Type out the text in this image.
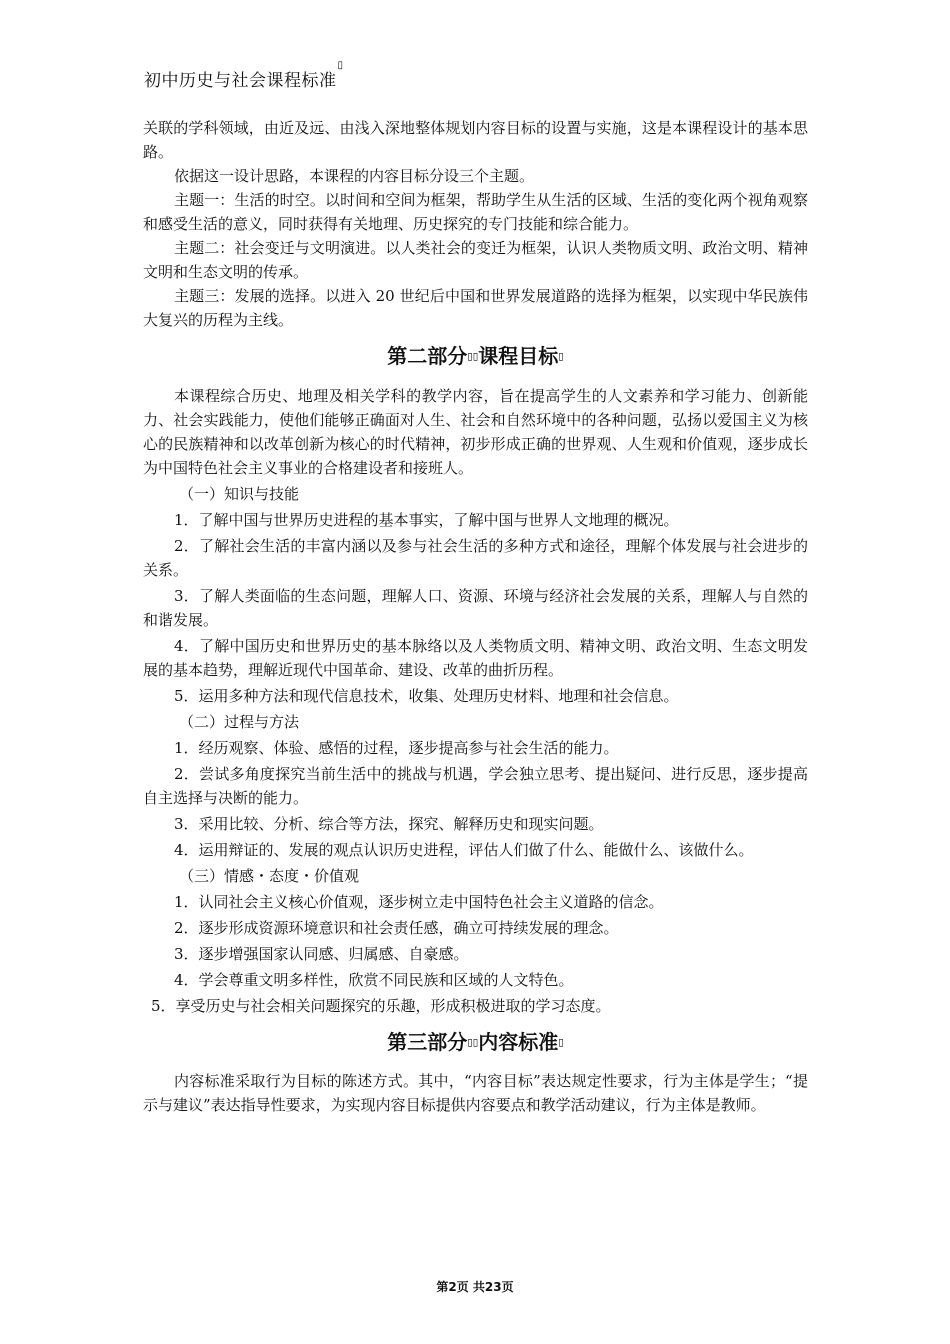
初中历史与社会课程标准▯

关联的学科领域，由近及远、由浅入深地整体规划内容目标的设置与实施，这是本课程设计的基本思路。

依据这一设计思路，本课程的内容目标分设三个主题。

主题一：生活的时空。以时间和空间为框架，帮助学生从生活的区域、生活的变化两个视角观察和感受生活的意义，同时获得有关地理、历史探究的专门技能和综合能力。

主题二：社会变迁与文明演进。以人类社会的变迁为框架，认识人类物质文明、政治文明、精神文明和生态文明的传承。

主题三：发展的选择。以进入 20 世纪后中国和世界发展道路的选择为框架，以实现中华民族伟大复兴的历程为主线。

第二部分▯▯课程目标▯

本课程综合历史、地理及相关学科的教学内容，旨在提高学生的人文素养和学习能力、创新能力、社会实践能力，使他们能够正确面对人生、社会和自然环境中的各种问题，弘扬以爱国主义为核心的民族精神和以改革创新为核心的时代精神，初步形成正确的世界观、人生观和价值观，逐步成长为中国特色社会主义事业的合格建设者和接班人。

（一）知识与技能

1．了解中国与世界历史进程的基本事实，了解中国与世界人文地理的概况。

2．了解社会生活的丰富内涵以及参与社会生活的多种方式和途径，理解个体发展与社会进步的关系。

3．了解人类面临的生态问题，理解人口、资源、环境与经济社会发展的关系，理解人与自然的和谐发展。

4．了解中国历史和世界历史的基本脉络以及人类物质文明、精神文明、政治文明、生态文明发展的基本趋势，理解近现代中国革命、建设、改革的曲折历程。

5．运用多种方法和现代信息技术，收集、处理历史材料、地理和社会信息。

（二）过程与方法

1．经历观察、体验、感悟的过程，逐步提高参与社会生活的能力。

2．尝试多角度探究当前生活中的挑战与机遇，学会独立思考、提出疑问、进行反思，逐步提高自主选择与决断的能力。

3．采用比较、分析、综合等方法，探究、解释历史和现实问题。

4．运用辩证的、发展的观点认识历史进程，评估人们做了什么、能做什么、该做什么。

（三）情感・态度・价值观

1．认同社会主义核心价值观，逐步树立走中国特色社会主义道路的信念。

2．逐步形成资源环境意识和社会责任感，确立可持续发展的理念。

3．逐步增强国家认同感、归属感、自豪感。

4．学会尊重文明多样性，欣赏不同民族和区域的人文特色。

5．享受历史与社会相关问题探究的乐趣，形成积极进取的学习态度。

第三部分▯▯内容标准▯

内容标准采取行为目标的陈述方式。其中，“内容目标”表达规定性要求，行为主体是学生；“提示与建议”表达指导性要求，为实现内容目标提供内容要点和教学活动建议，行为主体是教师。

第2页 共23页
